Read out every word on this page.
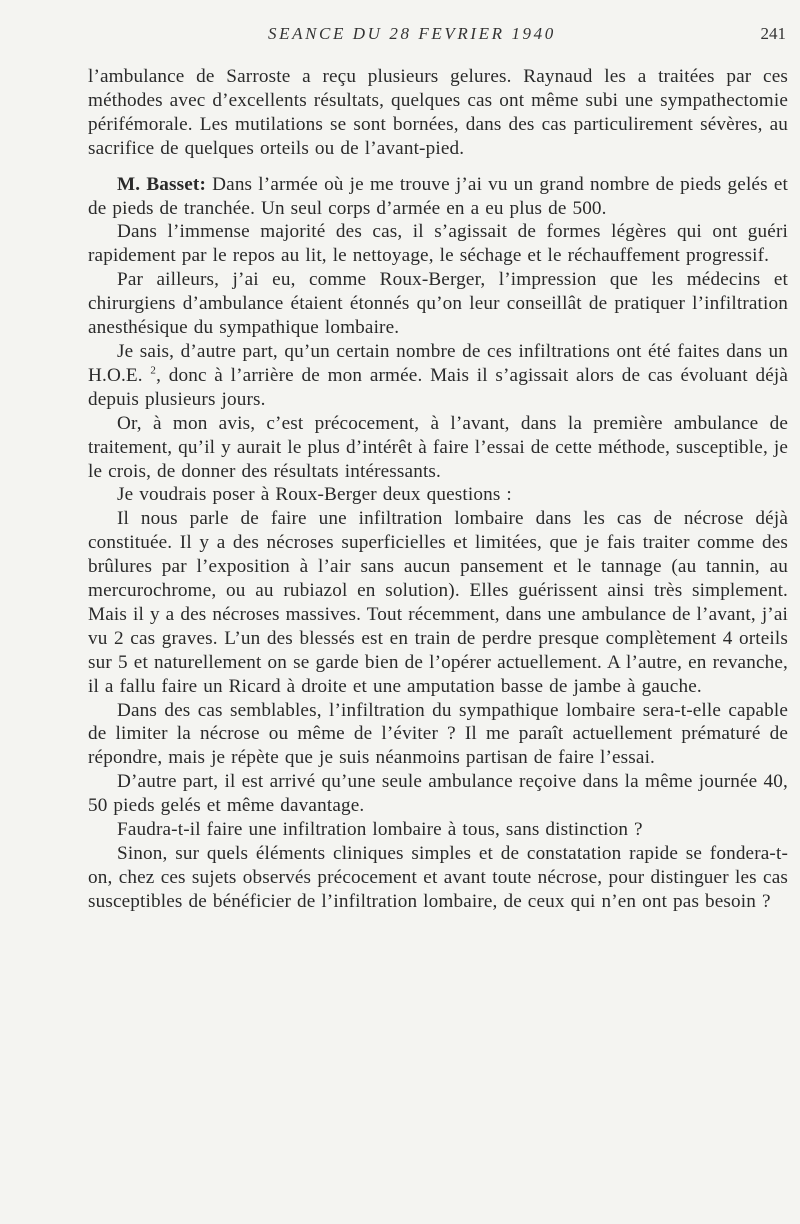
SEANCE DU 28 FEVRIER 1940	241

l’ambulance de Sarroste a reçu plusieurs gelures. Raynaud les a traitées par ces méthodes avec d’excellents résultats, quelques cas ont même subi une sympathectomie périfémorale. Les mutilations se sont bornées, dans des cas particulirement sévères, au sacrifice de quelques orteils ou de l’avant-pied.

M. Basset: Dans l’armée où je me trouve j’ai vu un grand nombre de pieds gelés et de pieds de tranchée. Un seul corps d’armée en a eu plus de 500.

Dans l’immense majorité des cas, il s’agissait de formes légères qui ont guéri rapidement par le repos au lit, le nettoyage, le séchage et le réchauffement progressif.

Par ailleurs, j’ai eu, comme Roux-Berger, l’impression que les médecins et chirurgiens d’ambulance étaient étonnés qu’on leur conseillât de pratiquer l’infiltration anesthésique du sympathique lombaire.

Je sais, d’autre part, qu’un certain nombre de ces infiltrations ont été faites dans un H.O.E. $^2$, donc à l’arrière de mon armée. Mais il s’agissait alors de cas évoluant déjà depuis plusieurs jours.

Or, à mon avis, c’est précocement, à l’avant, dans la première ambulance de traitement, qu’il y aurait le plus d’intérêt à faire l’essai de cette méthode, susceptible, je le crois, de donner des résultats intéressants.

Je voudrais poser à Roux-Berger deux questions :

Il nous parle de faire une infiltration lombaire dans les cas de nécrose déjà constituée. Il y a des nécroses superficielles et limitées, que je fais traiter comme des brûlures par l’exposition à l’air sans aucun pansement et le tannage (au tannin, au mercurochrome, ou au rubiazol en solution). Elles guérissent ainsi très simplement. Mais il y a des nécroses massives. Tout récemment, dans une ambulance de l’avant, j’ai vu 2 cas graves. L’un des blessés est en train de perdre presque complètement 4 orteils sur 5 et naturellement on se garde bien de l’opérer actuellement. A l’autre, en revanche, il a fallu faire un Ricard à droite et une amputation basse de jambe à gauche.

Dans des cas semblables, l’infiltration du sympathique lombaire sera-t-elle capable de limiter la nécrose ou même de l’éviter ? Il me paraît actuellement prématuré de répondre, mais je répète que je suis néanmoins partisan de faire l’essai.

D’autre part, il est arrivé qu’une seule ambulance reçoive dans la même journée 40, 50 pieds gelés et même davantage.

Faudra-t-il faire une infiltration lombaire à tous, sans distinction ?

Sinon, sur quels éléments cliniques simples et de constatation rapide se fondera-t-on, chez ces sujets observés précocement et avant toute nécrose, pour distinguer les cas susceptibles de bénéficier de l’infiltration lombaire, de ceux qui n’en ont pas besoin ?
